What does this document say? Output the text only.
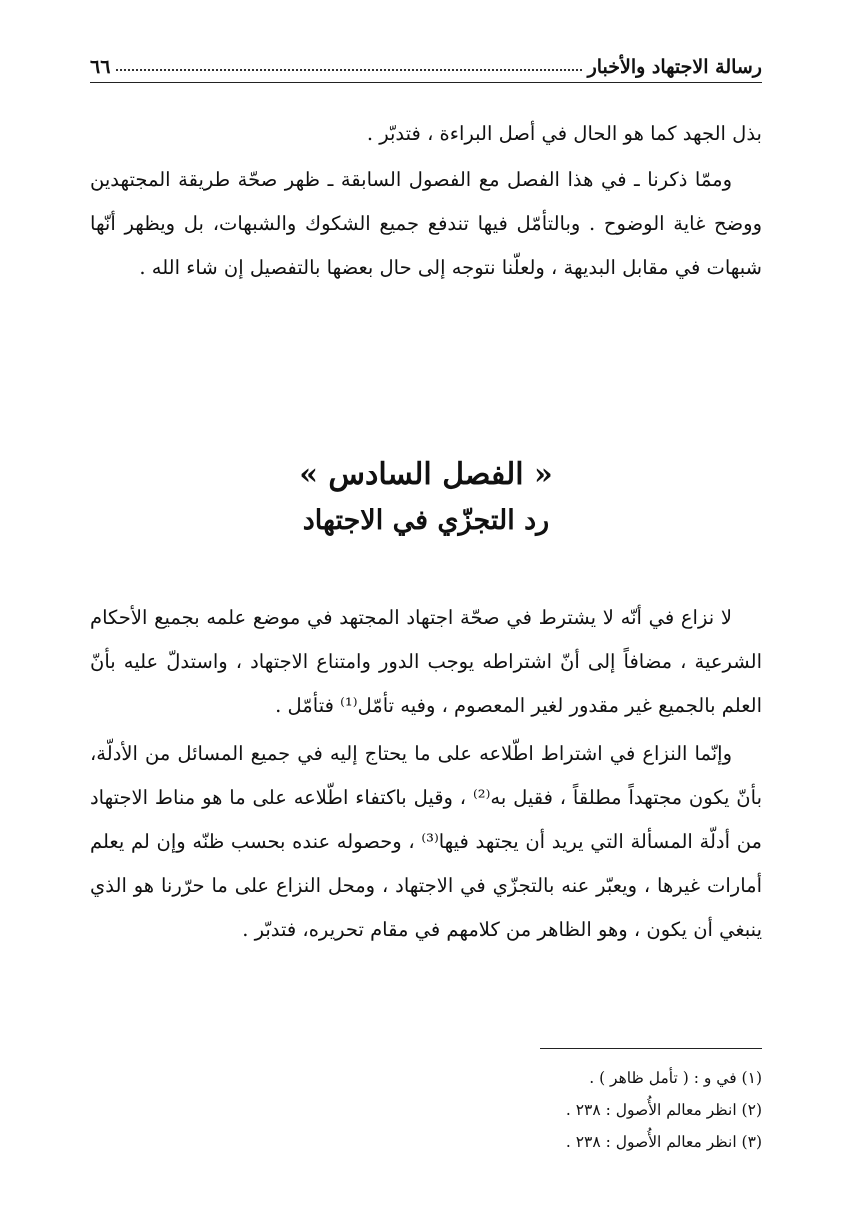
رسالة الاجتهاد والأخبار
٦٦

بذل الجهد كما هو الحال في أصل البراءة ، فتدبّر .

وممّا ذكرنا ـ في هذا الفصل مع الفصول السابقة ـ ظهر صحّة طريقة المجتهدين ووضح غاية الوضوح . وبالتأمّل فيها تندفع جميع الشكوك والشبهات، بل ويظهر أنّها شبهات في مقابل البديهة ، ولعلّنا نتوجه إلى حال بعضها بالتفصيل إن شاء الله .

« الفصل السادس »
رد التجزّي في الاجتهاد

لا نزاع في أنّه لا يشترط في صحّة اجتهاد المجتهد في موضع علمه بجميع الأحكام الشرعية ، مضافاً إلى أنّ اشتراطه يوجب الدور وامتناع الاجتهاد ، واستدلّ عليه بأنّ العلم بالجميع غير مقدور لغير المعصوم ، وفيه تأمّل⁽¹⁾ فتأمّل .

وإنّما النزاع في اشتراط اطّلاعه على ما يحتاج إليه في جميع المسائل من الأدلّة، بأنّ يكون مجتهداً مطلقاً ، فقيل به⁽²⁾ ، وقيل باكتفاء اطّلاعه على ما هو مناط الاجتهاد من أدلّة المسألة التي يريد أن يجتهد فيها⁽³⁾ ، وحصوله عنده بحسب ظنّه وإن لم يعلم أمارات غيرها ، ويعبّر عنه بالتجزّي في الاجتهاد ، ومحل النزاع على ما حرّرنا هو الذي ينبغي أن يكون ، وهو الظاهر من كلامهم في مقام تحريره، فتدبّر .

(١) في و : ( تأمل ظاهر ) .
(٢) انظر معالم الأُصول : ٢٣٨ .
(٣) انظر معالم الأُصول : ٢٣٨ .
